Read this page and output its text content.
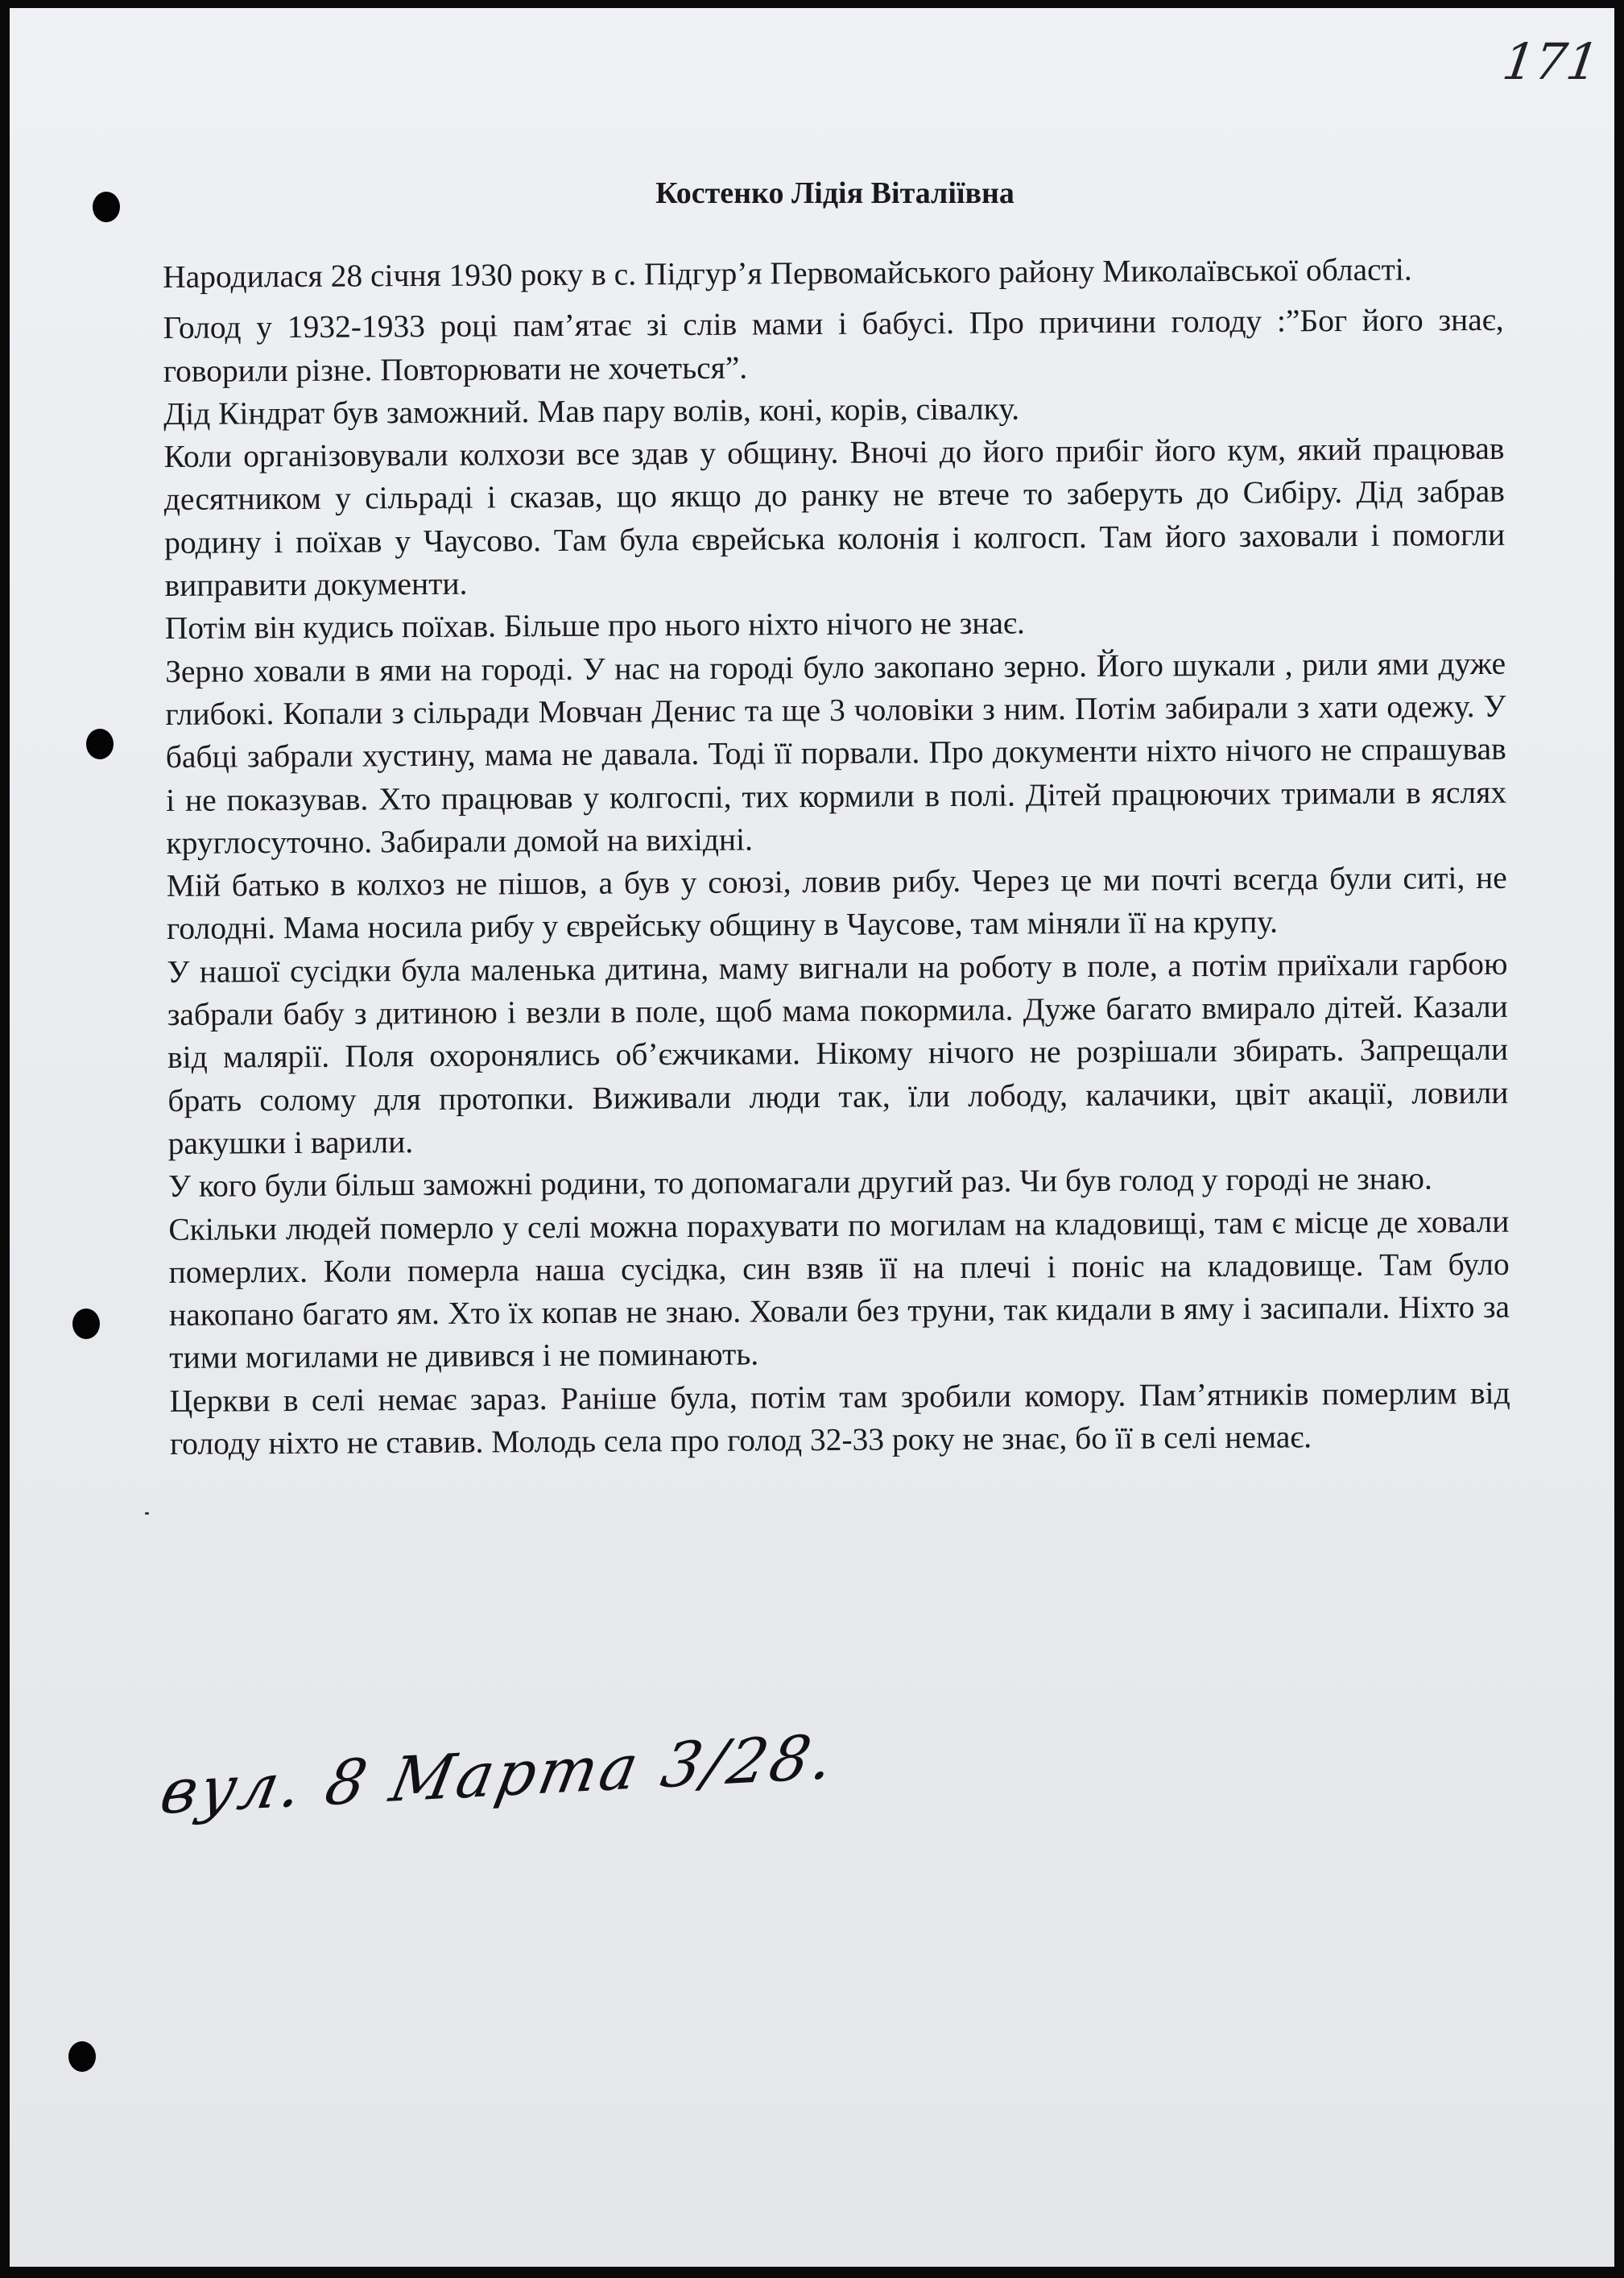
171
Костенко Лідія Віталіївна

Народилася 28 січня 1930 року в с. Підгур’я Первомайського району Миколаївської області.

Голод у 1932-1933 році пам’ятає зі слів мами і бабусі. Про причини голоду :”Бог його знає, говорили різне. Повторювати не хочеться”.

Дід Кіндрат був заможний. Мав пару волів, коні, корів, сівалку.

Коли організовували колхози все здав у общину. Вночі до його прибіг його кум, який працював десятником у сільраді і сказав, що якщо до ранку не втече то заберуть до Сибіру. Дід забрав родину і поїхав у Чаусово. Там була єврейська колонія і колгосп. Там його заховали і помогли виправити документи.

Потім він кудись поїхав. Більше про нього ніхто нічого не знає.

Зерно ховали в ями на городі. У нас на городі було закопано зерно. Його шукали , рили ями дуже глибокі. Копали з сільради Мовчан Денис та ще 3 чоловіки з ним. Потім забирали з хати одежу. У бабці забрали хустину, мама не давала. Тоді її порвали. Про документи ніхто нічого не спрашував і не показував. Хто працював у колгоспі, тих кормили в полі. Дітей працюючих тримали в яслях круглосуточно. Забирали домой на вихідні.

Мій батько в колхоз не пішов, а був у союзі, ловив рибу. Через це ми почті всегда були ситі, не голодні. Мама носила рибу у єврейську общину в Чаусове, там міняли її на крупу.

У нашої сусідки була маленька дитина, маму вигнали на роботу в поле, а потім приїхали гарбою забрали бабу з дитиною і везли в поле, щоб мама покормила. Дуже багато вмирало дітей. Казали від малярії. Поля охоронялись об’єжчиками. Нікому нічого не розрішали збирать. Запрещали брать солому для протопки. Виживали люди так, їли лободу, калачики, цвіт акації, ловили ракушки і варили.

У кого були більш заможні родини, то допомагали другий раз. Чи був голод у городі не знаю.

Скільки людей померло у селі можна порахувати по могилам на кладовищі, там є місце де ховали померлих. Коли померла наша сусідка, син взяв її на плечі і поніс на кладовище. Там було накопано багато ям. Хто їх копав не знаю. Ховали без труни, так кидали в яму і засипали. Ніхто за тими могилами не дивився і не поминають.

Церкви в селі немає зараз. Раніше була, потім там зробили комору. Пам’ятників померлим від голоду ніхто не ставив. Молодь села про голод 32-33 року не знає, бо її в селі немає.

вул. 8 Марта 3/28.
